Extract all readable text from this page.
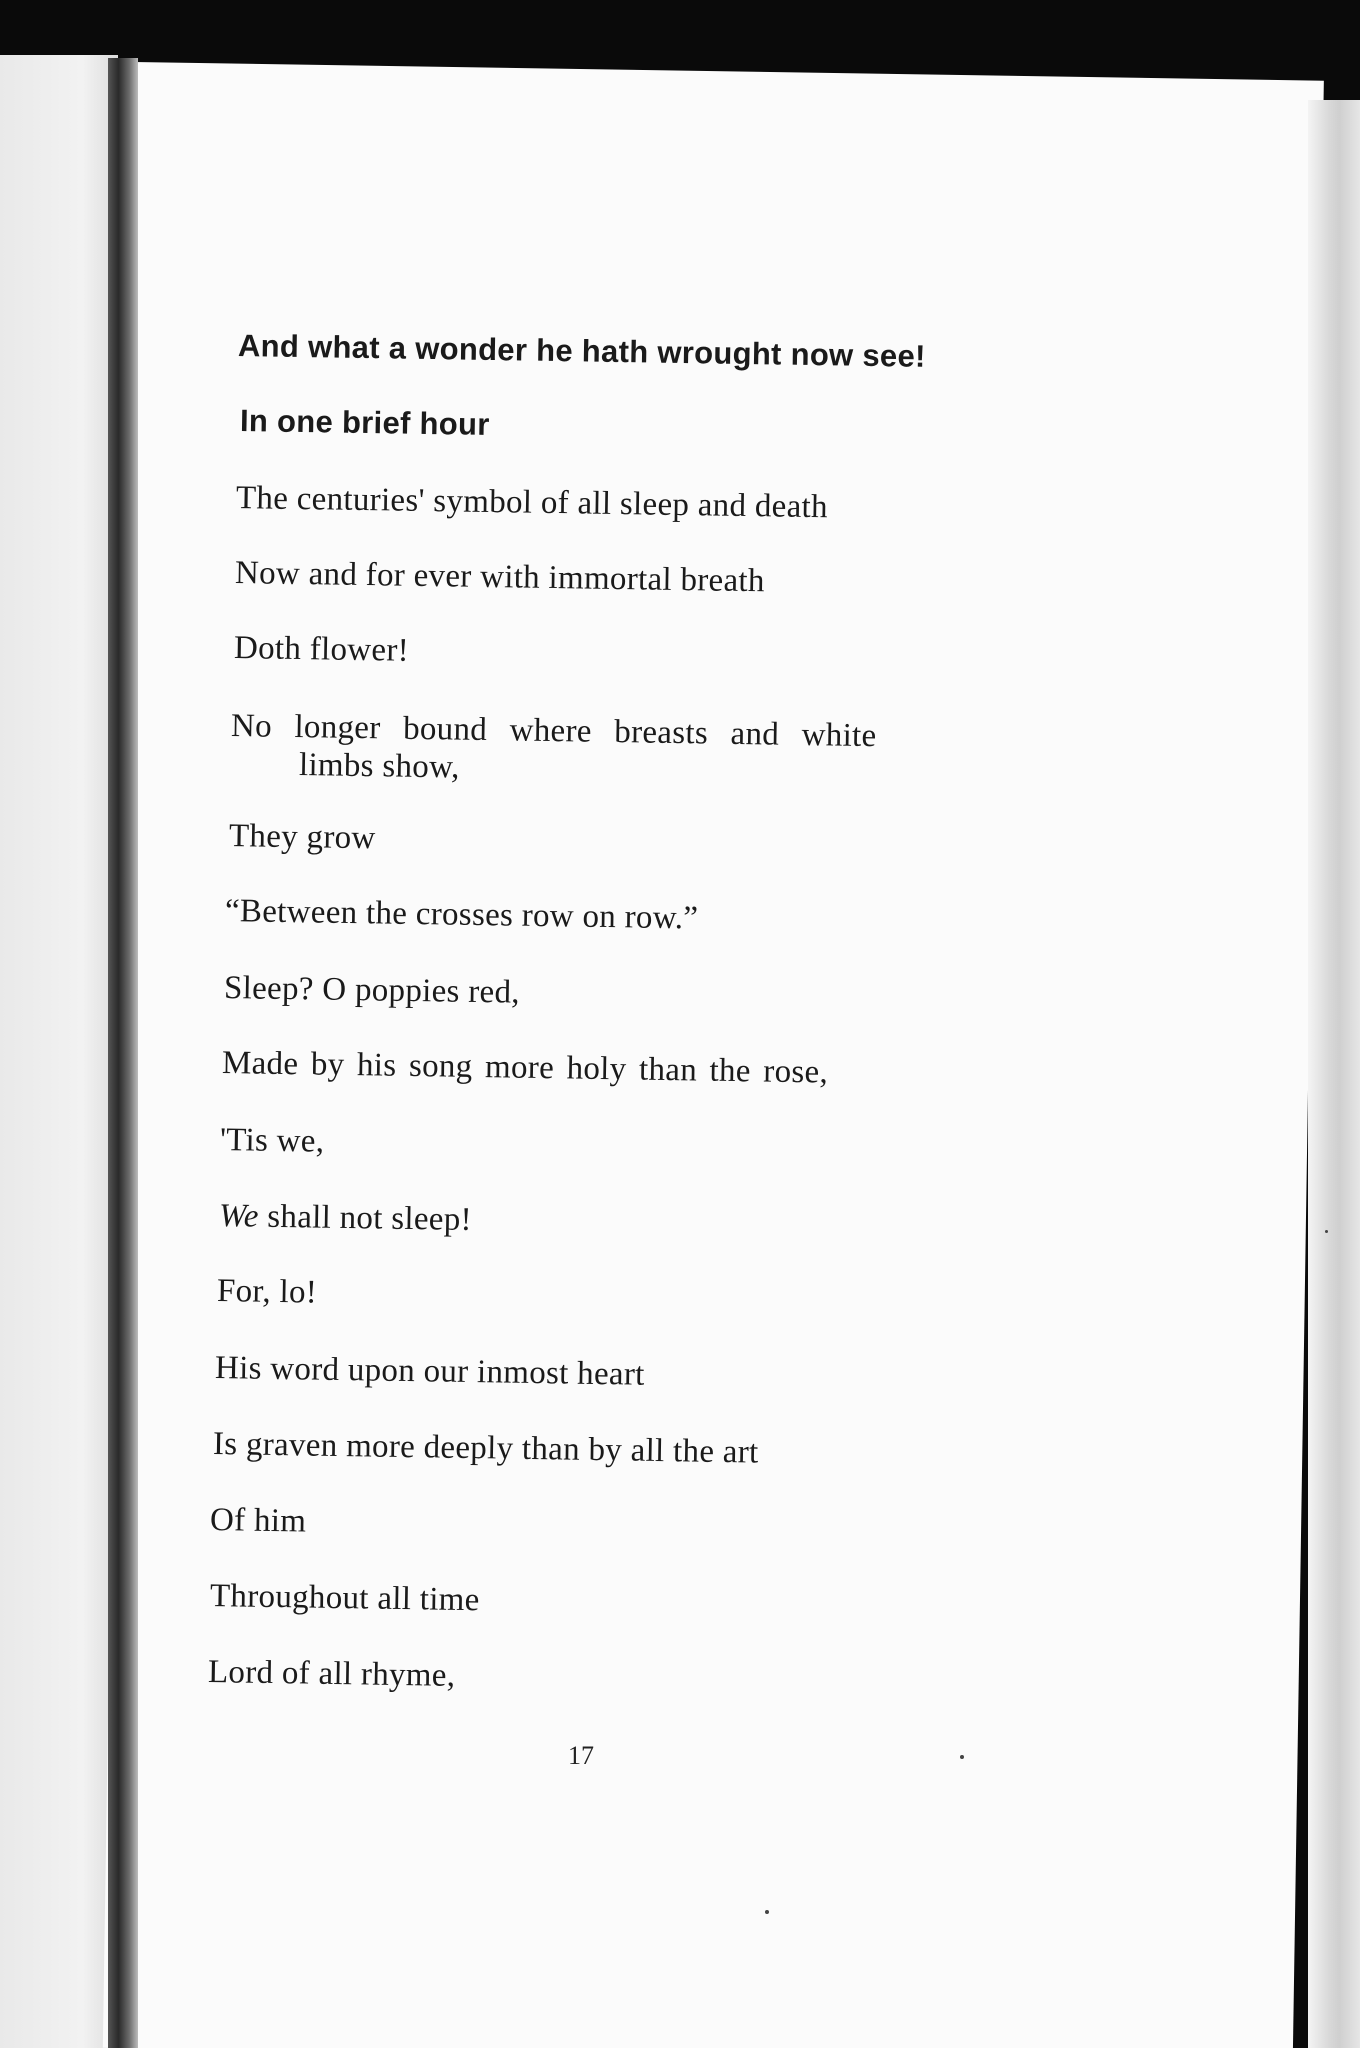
And what a wonder he hath wrought now see!
In one brief hour
The centuries' symbol of all sleep and death
Now and for ever with immortal breath
Doth flower!
No longer bound where breasts and white
limbs show,
They grow
“Between the crosses row on row.”
Sleep? O poppies red,
Made by his song more holy than the rose,
'Tis we,
We shall not sleep!
For, lo!
His word upon our inmost heart
Is graven more deeply than by all the art
Of him
Throughout all time
Lord of all rhyme,
17
